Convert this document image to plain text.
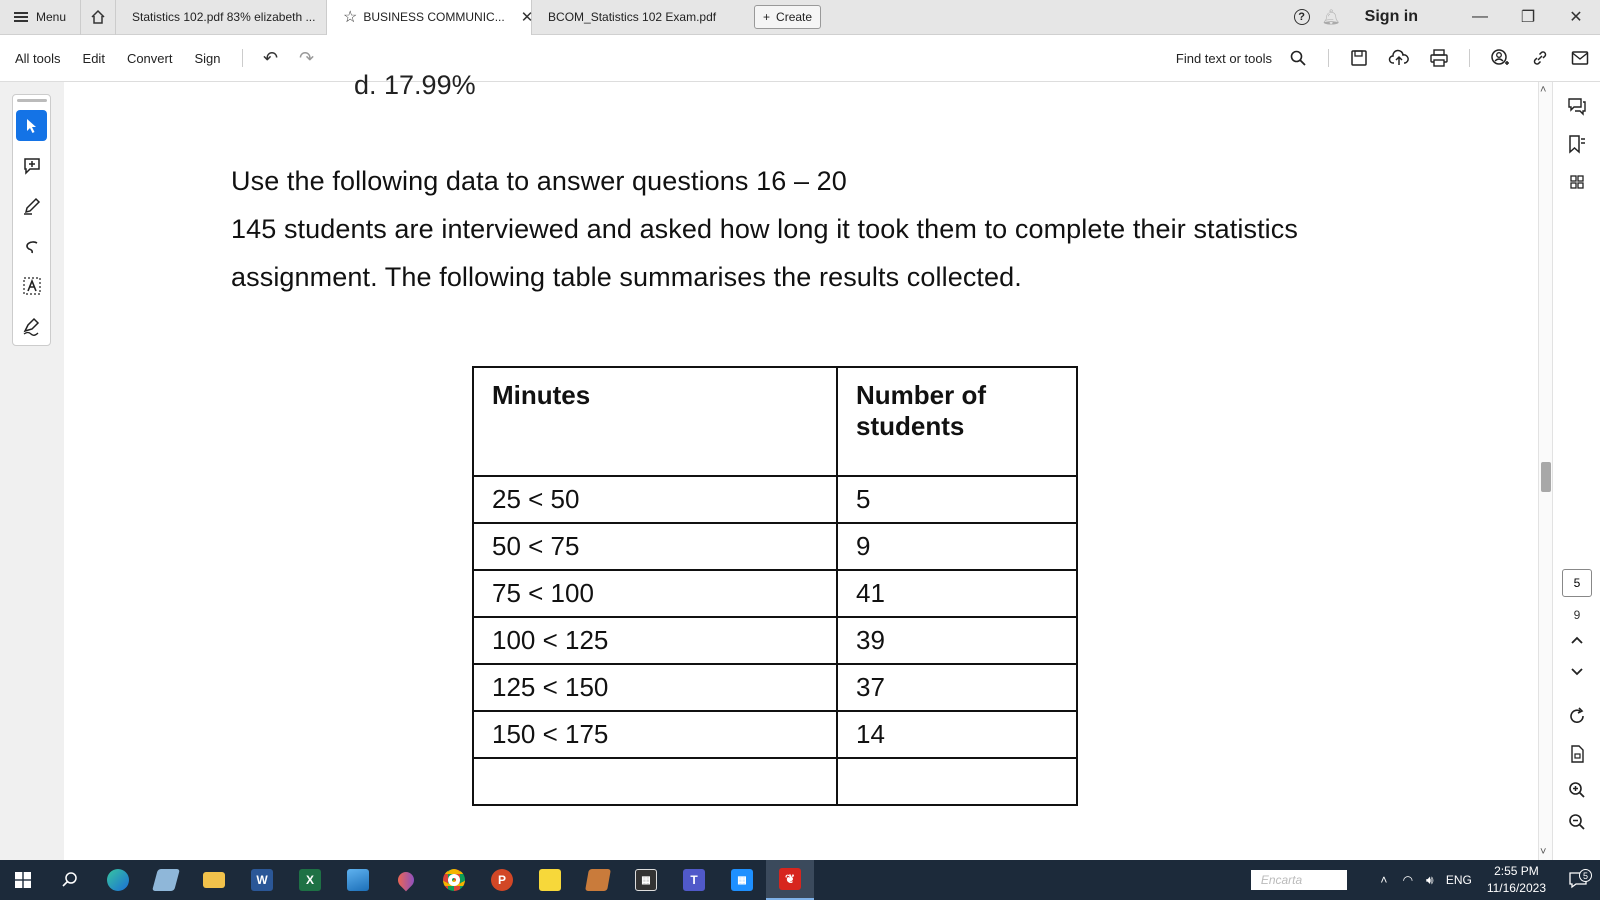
Menu	Statistics 102.pdf 83% elizabeth ... ☆ BUSINESS COMMUNIC... ✕ BCOM_Statistics 102 Exam.pdf	+ Create	?	🔔︎ Sign in	—	❐	✕
All tools	Edit	Convert	Sign	↶	↷	Find text or tools
d. 17.99%
Use the following data to answer questions 16 – 20
145 students are interviewed and asked how long it took them to complete their statistics
assignment. The following table summarises the results collected.
Minutes	Number of students
25 < 50	5
50 < 75	9
75 < 100	41
100 < 125	39
125 < 150	37
150 < 175	14

˄
˅
5
9
W	X	P	▦	T	▦	❦	Encarta	˄	◠	🔊︎	ENG
2:55 PM
11/16/2023
5
